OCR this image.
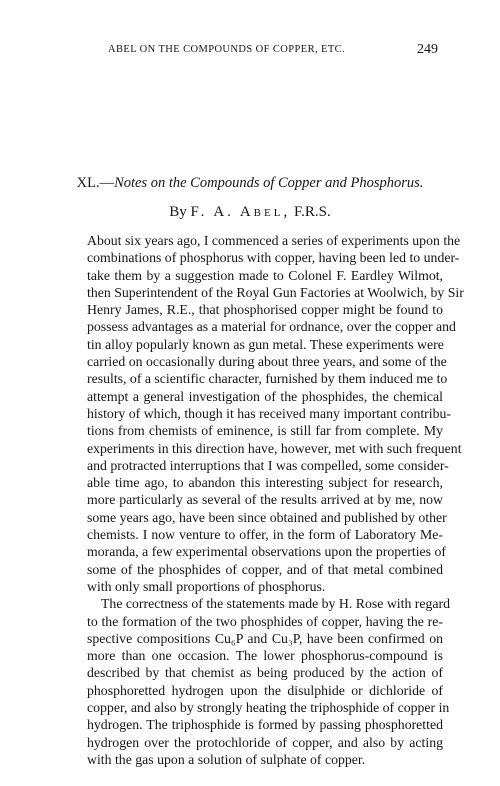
ABEL ON THE COMPOUNDS OF COPPER, ETC.	249
XL.—Notes on the Compounds of Copper and Phosphorus.
By F. A. Abel, F.R.S.
About six years ago, I commenced a series of experiments upon the
combinations of phosphorus with copper, having been led to under-
take them by a suggestion made to Colonel F. Eardley Wilmot,
then Superintendent of the Royal Gun Factories at Woolwich, by Sir
Henry James, R.E., that phosphorised copper might be found to
possess advantages as a material for ordnance, over the copper and
tin alloy popularly known as gun metal. These experiments were
carried on occasionally during about three years, and some of the
results, of a scientific character, furnished by them induced me to
attempt a general investigation of the phosphides, the chemical
history of which, though it has received many important contribu-
tions from chemists of eminence, is still far from complete. My
experiments in this direction have, however, met with such frequent
and protracted interruptions that I was compelled, some consider-
able time ago, to abandon this interesting subject for research,
more particularly as several of the results arrived at by me, now
some years ago, have been since obtained and published by other
chemists. I now venture to offer, in the form of Laboratory Me-
moranda, a few experimental observations upon the properties of
some of the phosphides of copper, and of that metal combined
with only small proportions of phosphorus.
The correctness of the statements made by H. Rose with regard
to the formation of the two phosphides of copper, having the re-
spective compositions Cu₆P and Cu₃P, have been confirmed on
more than one occasion. The lower phosphorus-compound is
described by that chemist as being produced by the action of
phosphoretted hydrogen upon the disulphide or dichloride of
copper, and also by strongly heating the triphosphide of copper in
hydrogen. The triphosphide is formed by passing phosphoretted
hydrogen over the protochloride of copper, and also by acting
with the gas upon a solution of sulphate of copper.
